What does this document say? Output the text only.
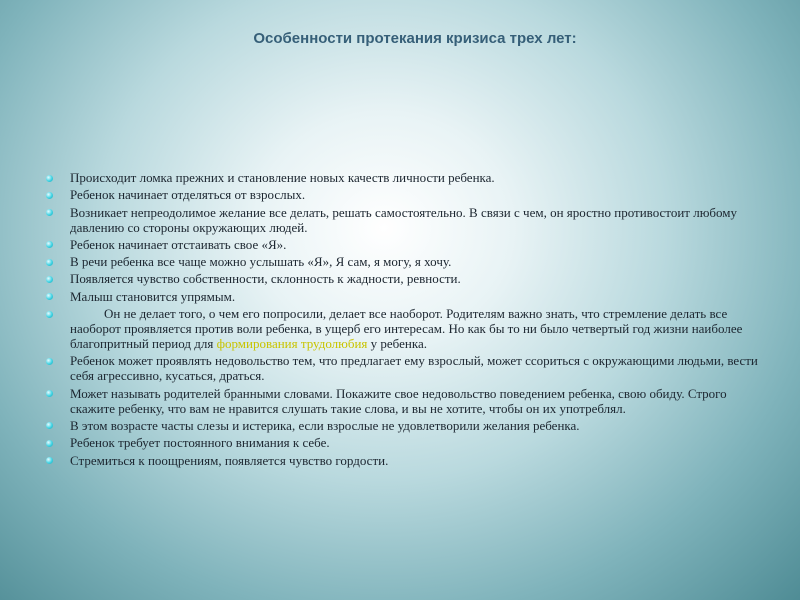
Особенности протекания кризиса трех лет:
Происходит ломка прежних и становление новых качеств личности ребенка.
Ребенок начинает отделяться от взрослых.
Возникает непреодолимое желание все делать, решать самостоятельно. В связи с чем, он яростно противостоит любому давлению со стороны окружающих людей.
Ребенок начинает отстаивать свое «Я».
В речи ребенка все чаще можно услышать «Я», Я сам, я могу, я хочу.
Появляется чувство собственности, склонность к жадности, ревности.
Малыш становится упрямым.
Он не делает того, о чем его попросили, делает все наоборот. Родителям важно знать, что стремление делать все наоборот проявляется против воли ребенка, в ущерб его интересам. Но как бы то ни было четвертый год жизни наиболее благопритный период для формирования трудолюбия у ребенка.
Ребенок может проявлять недовольство тем, что предлагает ему взрослый, может ссориться с окружающими людьми, вести себя агрессивно, кусаться, драться.
Может называть родителей бранными словами. Покажите свое недовольство поведением ребенка, свою обиду. Строго скажите ребенку, что вам не нравится слушать такие слова, и вы не хотите, чтобы он их употреблял.
В этом возрасте часты слезы и истерика, если взрослые не удовлетворили желания ребенка.
Ребенок требует постоянного внимания к себе.
Стремиться к поощрениям, появляется чувство гордости.
